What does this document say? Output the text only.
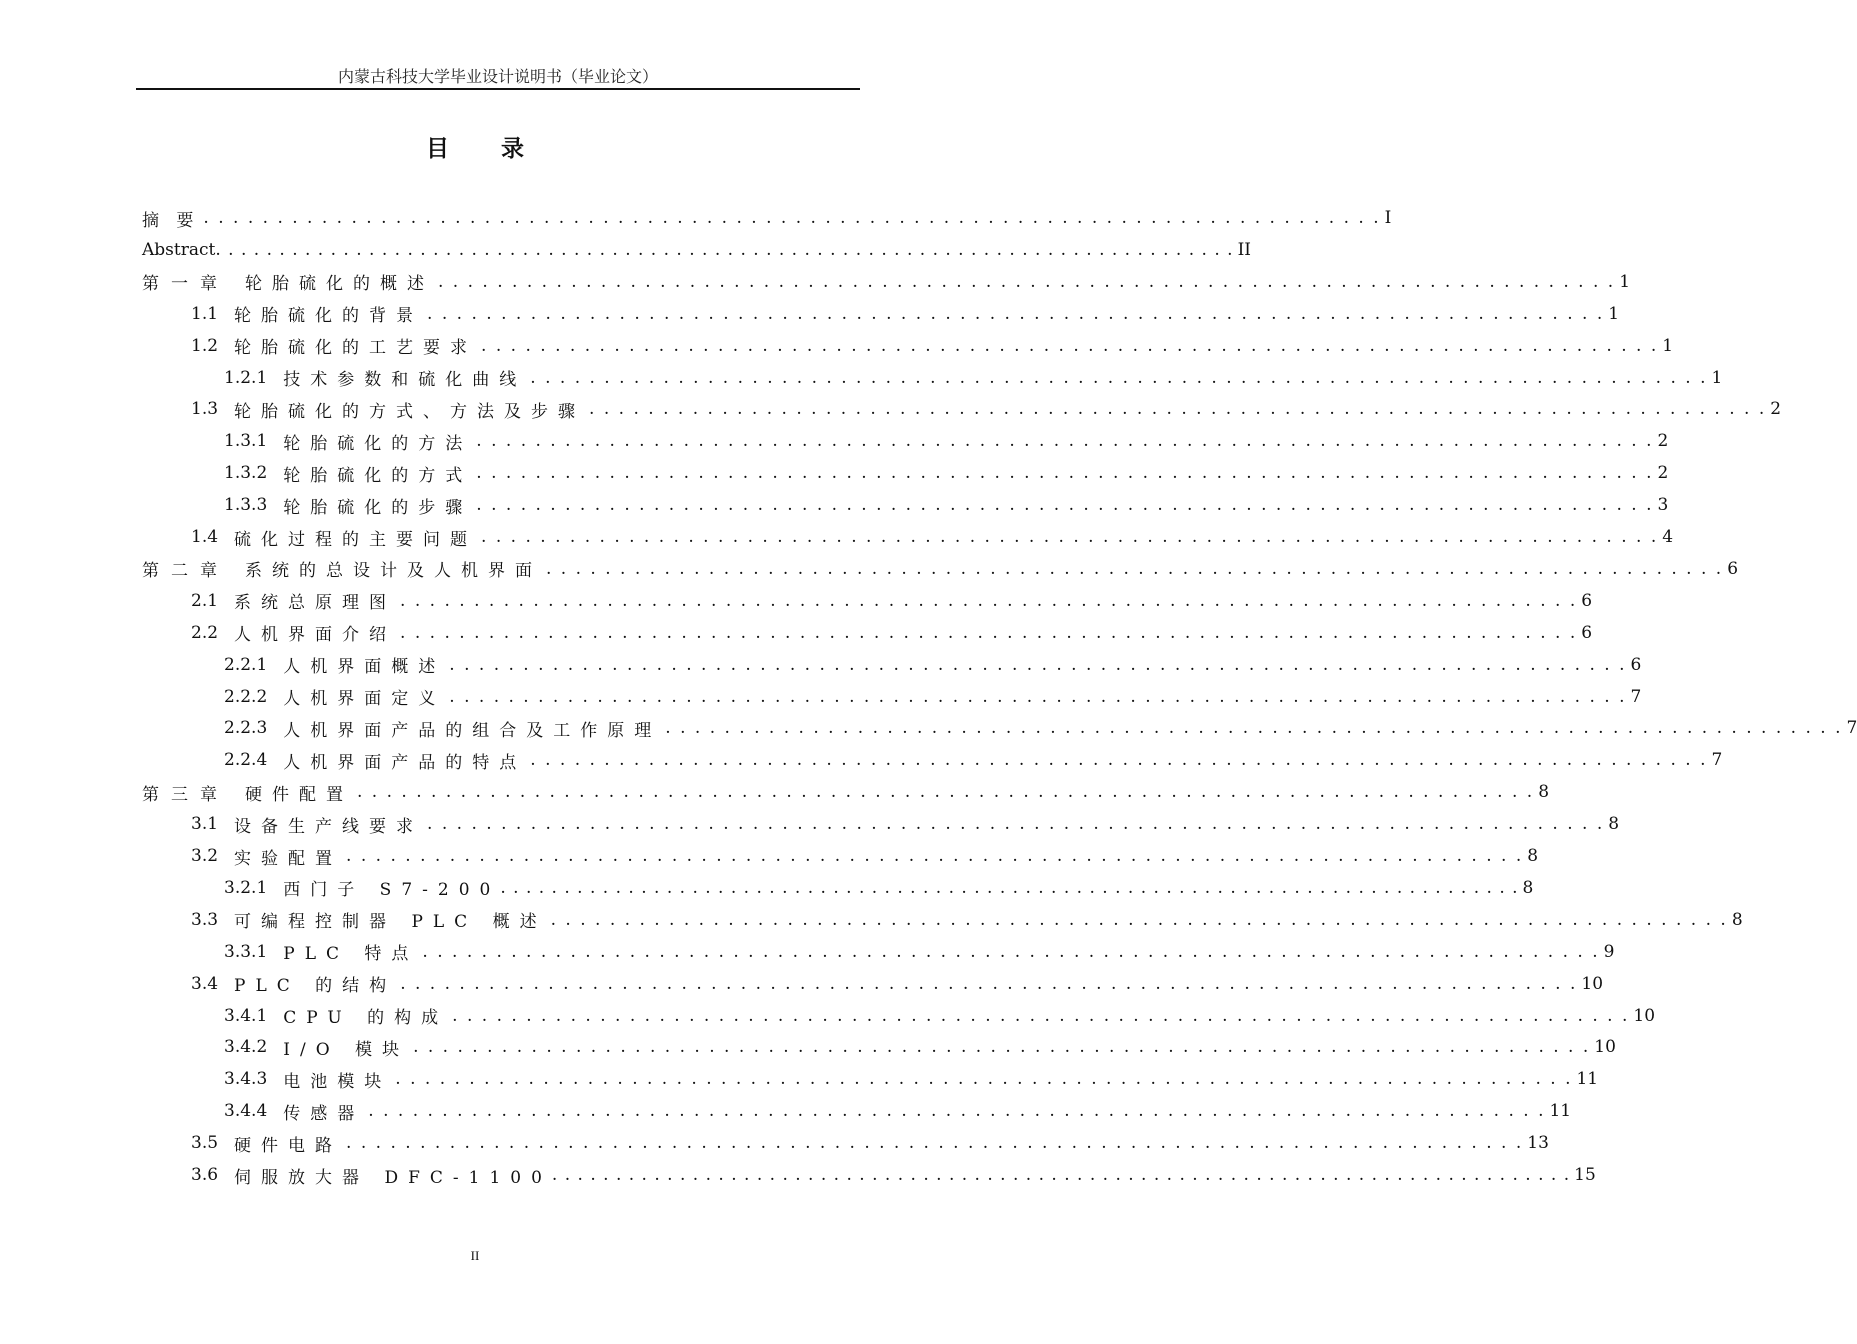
内蒙古科技大学毕业设计说明书（毕业论文）
目 录
摘 要 . . . . . . . . . . . . . . . . . . . . . . . . . . . . . . . . . . . . . . . . . . . . . . . . . . . . . . . . . . . . . . . . . . . . . . . . . . . . . . . . I
Abstract . . . . . . . . . . . . . . . . . . . . . . . . . . . . . . . . . . . . . . . . . . . . . . . . . . . . . . . . . . . . . . . . . . . . . . . . . . . . . . . . II
第一章 轮胎硫化的概述 . . . . . . . . . . . . . . . . . . . . . . . . . . . . . . . . . . . . . . . . . . . . . . . . . . . . . . . . . . . . . . . . . . . . . . . . . . . . . . . . 1
1.1 轮胎硫化的背景 . . . . . . . . . . . . . . . . . . . . . . . . . . . . . . . . . . . . . . . . . . . . . . . . . . . . . . . . . . . . . . . . . . . . . . . . . . . . . . . . 1
1.2 轮胎硫化的工艺要求 . . . . . . . . . . . . . . . . . . . . . . . . . . . . . . . . . . . . . . . . . . . . . . . . . . . . . . . . . . . . . . . . . . . . . . . . . . . . . . . . 1
1.2.1 技术参数和硫化曲线 . . . . . . . . . . . . . . . . . . . . . . . . . . . . . . . . . . . . . . . . . . . . . . . . . . . . . . . . . . . . . . . . . . . . . . . . . . . . . . . . 1
1.3 轮胎硫化的方式、方法及步骤 . . . . . . . . . . . . . . . . . . . . . . . . . . . . . . . . . . . . . . . . . . . . . . . . . . . . . . . . . . . . . . . . . . . . . . . . . . . . . . . . 2
1.3.1 轮胎硫化的方法 . . . . . . . . . . . . . . . . . . . . . . . . . . . . . . . . . . . . . . . . . . . . . . . . . . . . . . . . . . . . . . . . . . . . . . . . . . . . . . . . 2
1.3.2 轮胎硫化的方式 . . . . . . . . . . . . . . . . . . . . . . . . . . . . . . . . . . . . . . . . . . . . . . . . . . . . . . . . . . . . . . . . . . . . . . . . . . . . . . . . 2
1.3.3 轮胎硫化的步骤 . . . . . . . . . . . . . . . . . . . . . . . . . . . . . . . . . . . . . . . . . . . . . . . . . . . . . . . . . . . . . . . . . . . . . . . . . . . . . . . . 3
1.4 硫化过程的主要问题 . . . . . . . . . . . . . . . . . . . . . . . . . . . . . . . . . . . . . . . . . . . . . . . . . . . . . . . . . . . . . . . . . . . . . . . . . . . . . . . . 4
第二章 系统的总设计及人机界面 . . . . . . . . . . . . . . . . . . . . . . . . . . . . . . . . . . . . . . . . . . . . . . . . . . . . . . . . . . . . . . . . . . . . . . . . . . . . . . . . 6
2.1 系统总原理图 . . . . . . . . . . . . . . . . . . . . . . . . . . . . . . . . . . . . . . . . . . . . . . . . . . . . . . . . . . . . . . . . . . . . . . . . . . . . . . . . 6
2.2 人机界面介绍 . . . . . . . . . . . . . . . . . . . . . . . . . . . . . . . . . . . . . . . . . . . . . . . . . . . . . . . . . . . . . . . . . . . . . . . . . . . . . . . . 6
2.2.1 人机界面概述 . . . . . . . . . . . . . . . . . . . . . . . . . . . . . . . . . . . . . . . . . . . . . . . . . . . . . . . . . . . . . . . . . . . . . . . . . . . . . . . . 6
2.2.2 人机界面定义 . . . . . . . . . . . . . . . . . . . . . . . . . . . . . . . . . . . . . . . . . . . . . . . . . . . . . . . . . . . . . . . . . . . . . . . . . . . . . . . . 7
2.2.3 人机界面产品的组合及工作原理 . . . . . . . . . . . . . . . . . . . . . . . . . . . . . . . . . . . . . . . . . . . . . . . . . . . . . . . . . . . . . . . . . . . . . . . . . . . . . . . . 7
2.2.4 人机界面产品的特点 . . . . . . . . . . . . . . . . . . . . . . . . . . . . . . . . . . . . . . . . . . . . . . . . . . . . . . . . . . . . . . . . . . . . . . . . . . . . . . . . 7
第三章 硬件配置 . . . . . . . . . . . . . . . . . . . . . . . . . . . . . . . . . . . . . . . . . . . . . . . . . . . . . . . . . . . . . . . . . . . . . . . . . . . . . . . . 8
3.1 设备生产线要求 . . . . . . . . . . . . . . . . . . . . . . . . . . . . . . . . . . . . . . . . . . . . . . . . . . . . . . . . . . . . . . . . . . . . . . . . . . . . . . . . 8
3.2 实验配置 . . . . . . . . . . . . . . . . . . . . . . . . . . . . . . . . . . . . . . . . . . . . . . . . . . . . . . . . . . . . . . . . . . . . . . . . . . . . . . . . 8
3.2.1 西门子 S7-200 . . . . . . . . . . . . . . . . . . . . . . . . . . . . . . . . . . . . . . . . . . . . . . . . . . . . . . . . . . . . . . . . . . . . . . . . . . . . . . . . 8
3.3 可编程控制器 PLC 概述 . . . . . . . . . . . . . . . . . . . . . . . . . . . . . . . . . . . . . . . . . . . . . . . . . . . . . . . . . . . . . . . . . . . . . . . . . . . . . . . . 8
3.3.1 PLC 特点 . . . . . . . . . . . . . . . . . . . . . . . . . . . . . . . . . . . . . . . . . . . . . . . . . . . . . . . . . . . . . . . . . . . . . . . . . . . . . . . . 9
3.4 PLC 的结构 . . . . . . . . . . . . . . . . . . . . . . . . . . . . . . . . . . . . . . . . . . . . . . . . . . . . . . . . . . . . . . . . . . . . . . . . . . . . . . . . 10
3.4.1 CPU 的构成 . . . . . . . . . . . . . . . . . . . . . . . . . . . . . . . . . . . . . . . . . . . . . . . . . . . . . . . . . . . . . . . . . . . . . . . . . . . . . . . . 10
3.4.2 I/O 模块 . . . . . . . . . . . . . . . . . . . . . . . . . . . . . . . . . . . . . . . . . . . . . . . . . . . . . . . . . . . . . . . . . . . . . . . . . . . . . . . . 10
3.4.3 电池模块 . . . . . . . . . . . . . . . . . . . . . . . . . . . . . . . . . . . . . . . . . . . . . . . . . . . . . . . . . . . . . . . . . . . . . . . . . . . . . . . . 11
3.4.4 传感器 . . . . . . . . . . . . . . . . . . . . . . . . . . . . . . . . . . . . . . . . . . . . . . . . . . . . . . . . . . . . . . . . . . . . . . . . . . . . . . . . 11
3.5 硬件电路 . . . . . . . . . . . . . . . . . . . . . . . . . . . . . . . . . . . . . . . . . . . . . . . . . . . . . . . . . . . . . . . . . . . . . . . . . . . . . . . . 13
3.6 伺服放大器 DFC-1100 . . . . . . . . . . . . . . . . . . . . . . . . . . . . . . . . . . . . . . . . . . . . . . . . . . . . . . . . . . . . . . . . . . . . . . . . . . . . . . . . 15
II
